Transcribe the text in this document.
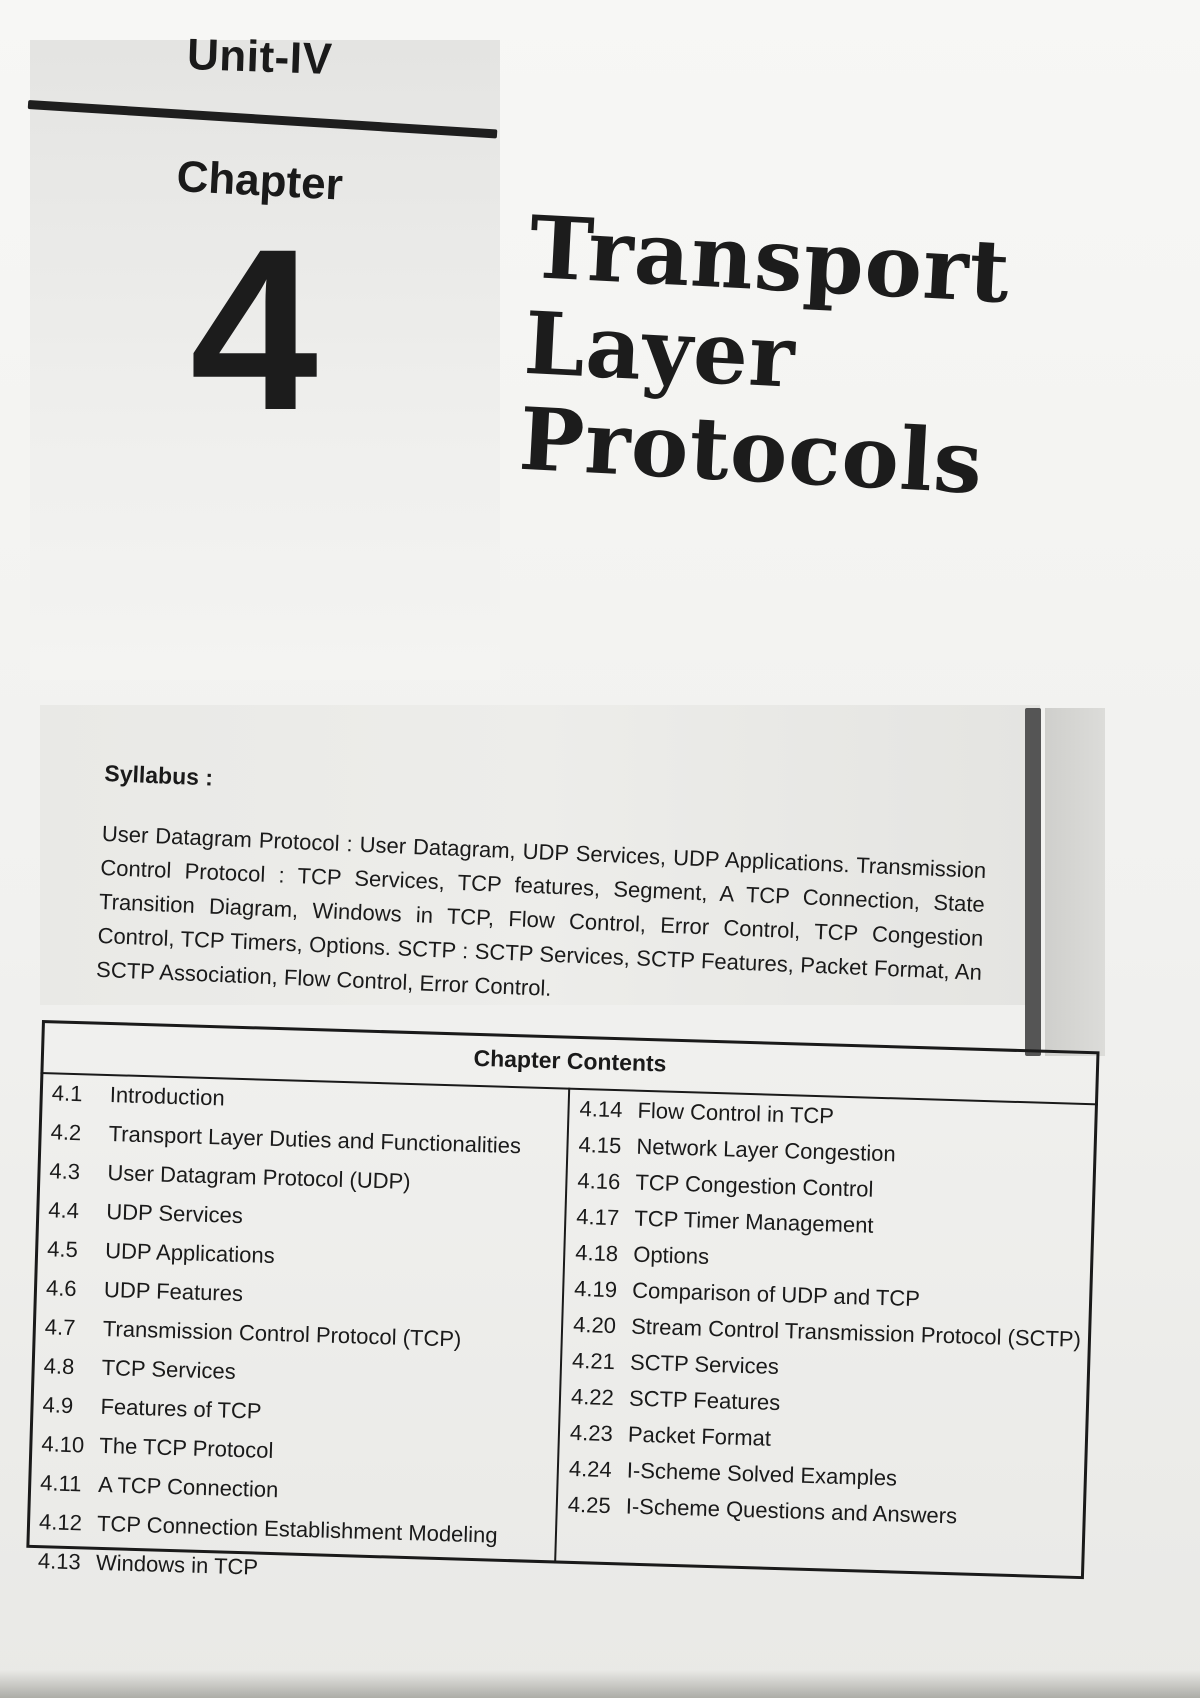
Unit-IV
Chapter
4 Transport
Layer
Protocols
Syllabus :
User Datagram Protocol : User Datagram, UDP Services, UDP Applications. Transmission Control Protocol : TCP Services, TCP features, Segment, A TCP Connection, State Transition Diagram, Windows in TCP, Flow Control, Error Control, TCP Congestion Control, TCP Timers, Options. SCTP : SCTP Services, SCTP Features, Packet Format, An SCTP Association, Flow Control, Error Control.
Chapter Contents
4.1	Introduction
4.2	Transport Layer Duties and Functionalities
4.3	User Datagram Protocol (UDP)
4.4	UDP Services
4.5	UDP Applications
4.6	UDP Features
4.7	Transmission Control Protocol (TCP)
4.8	TCP Services
4.9	Features of TCP
4.10 The TCP Protocol
4.11 A TCP Connection
4.12 TCP Connection Establishment Modeling
4.13 Windows in TCP
4.14 Flow Control in TCP
4.15 Network Layer Congestion
4.16 TCP Congestion Control
4.17 TCP Timer Management
4.18 Options
4.19 Comparison of UDP and TCP
4.20 Stream Control Transmission Protocol (SCTP)
4.21 SCTP Services
4.22 SCTP Features
4.23 Packet Format
4.24 I-Scheme Solved Examples
4.25 I-Scheme Questions and Answers
